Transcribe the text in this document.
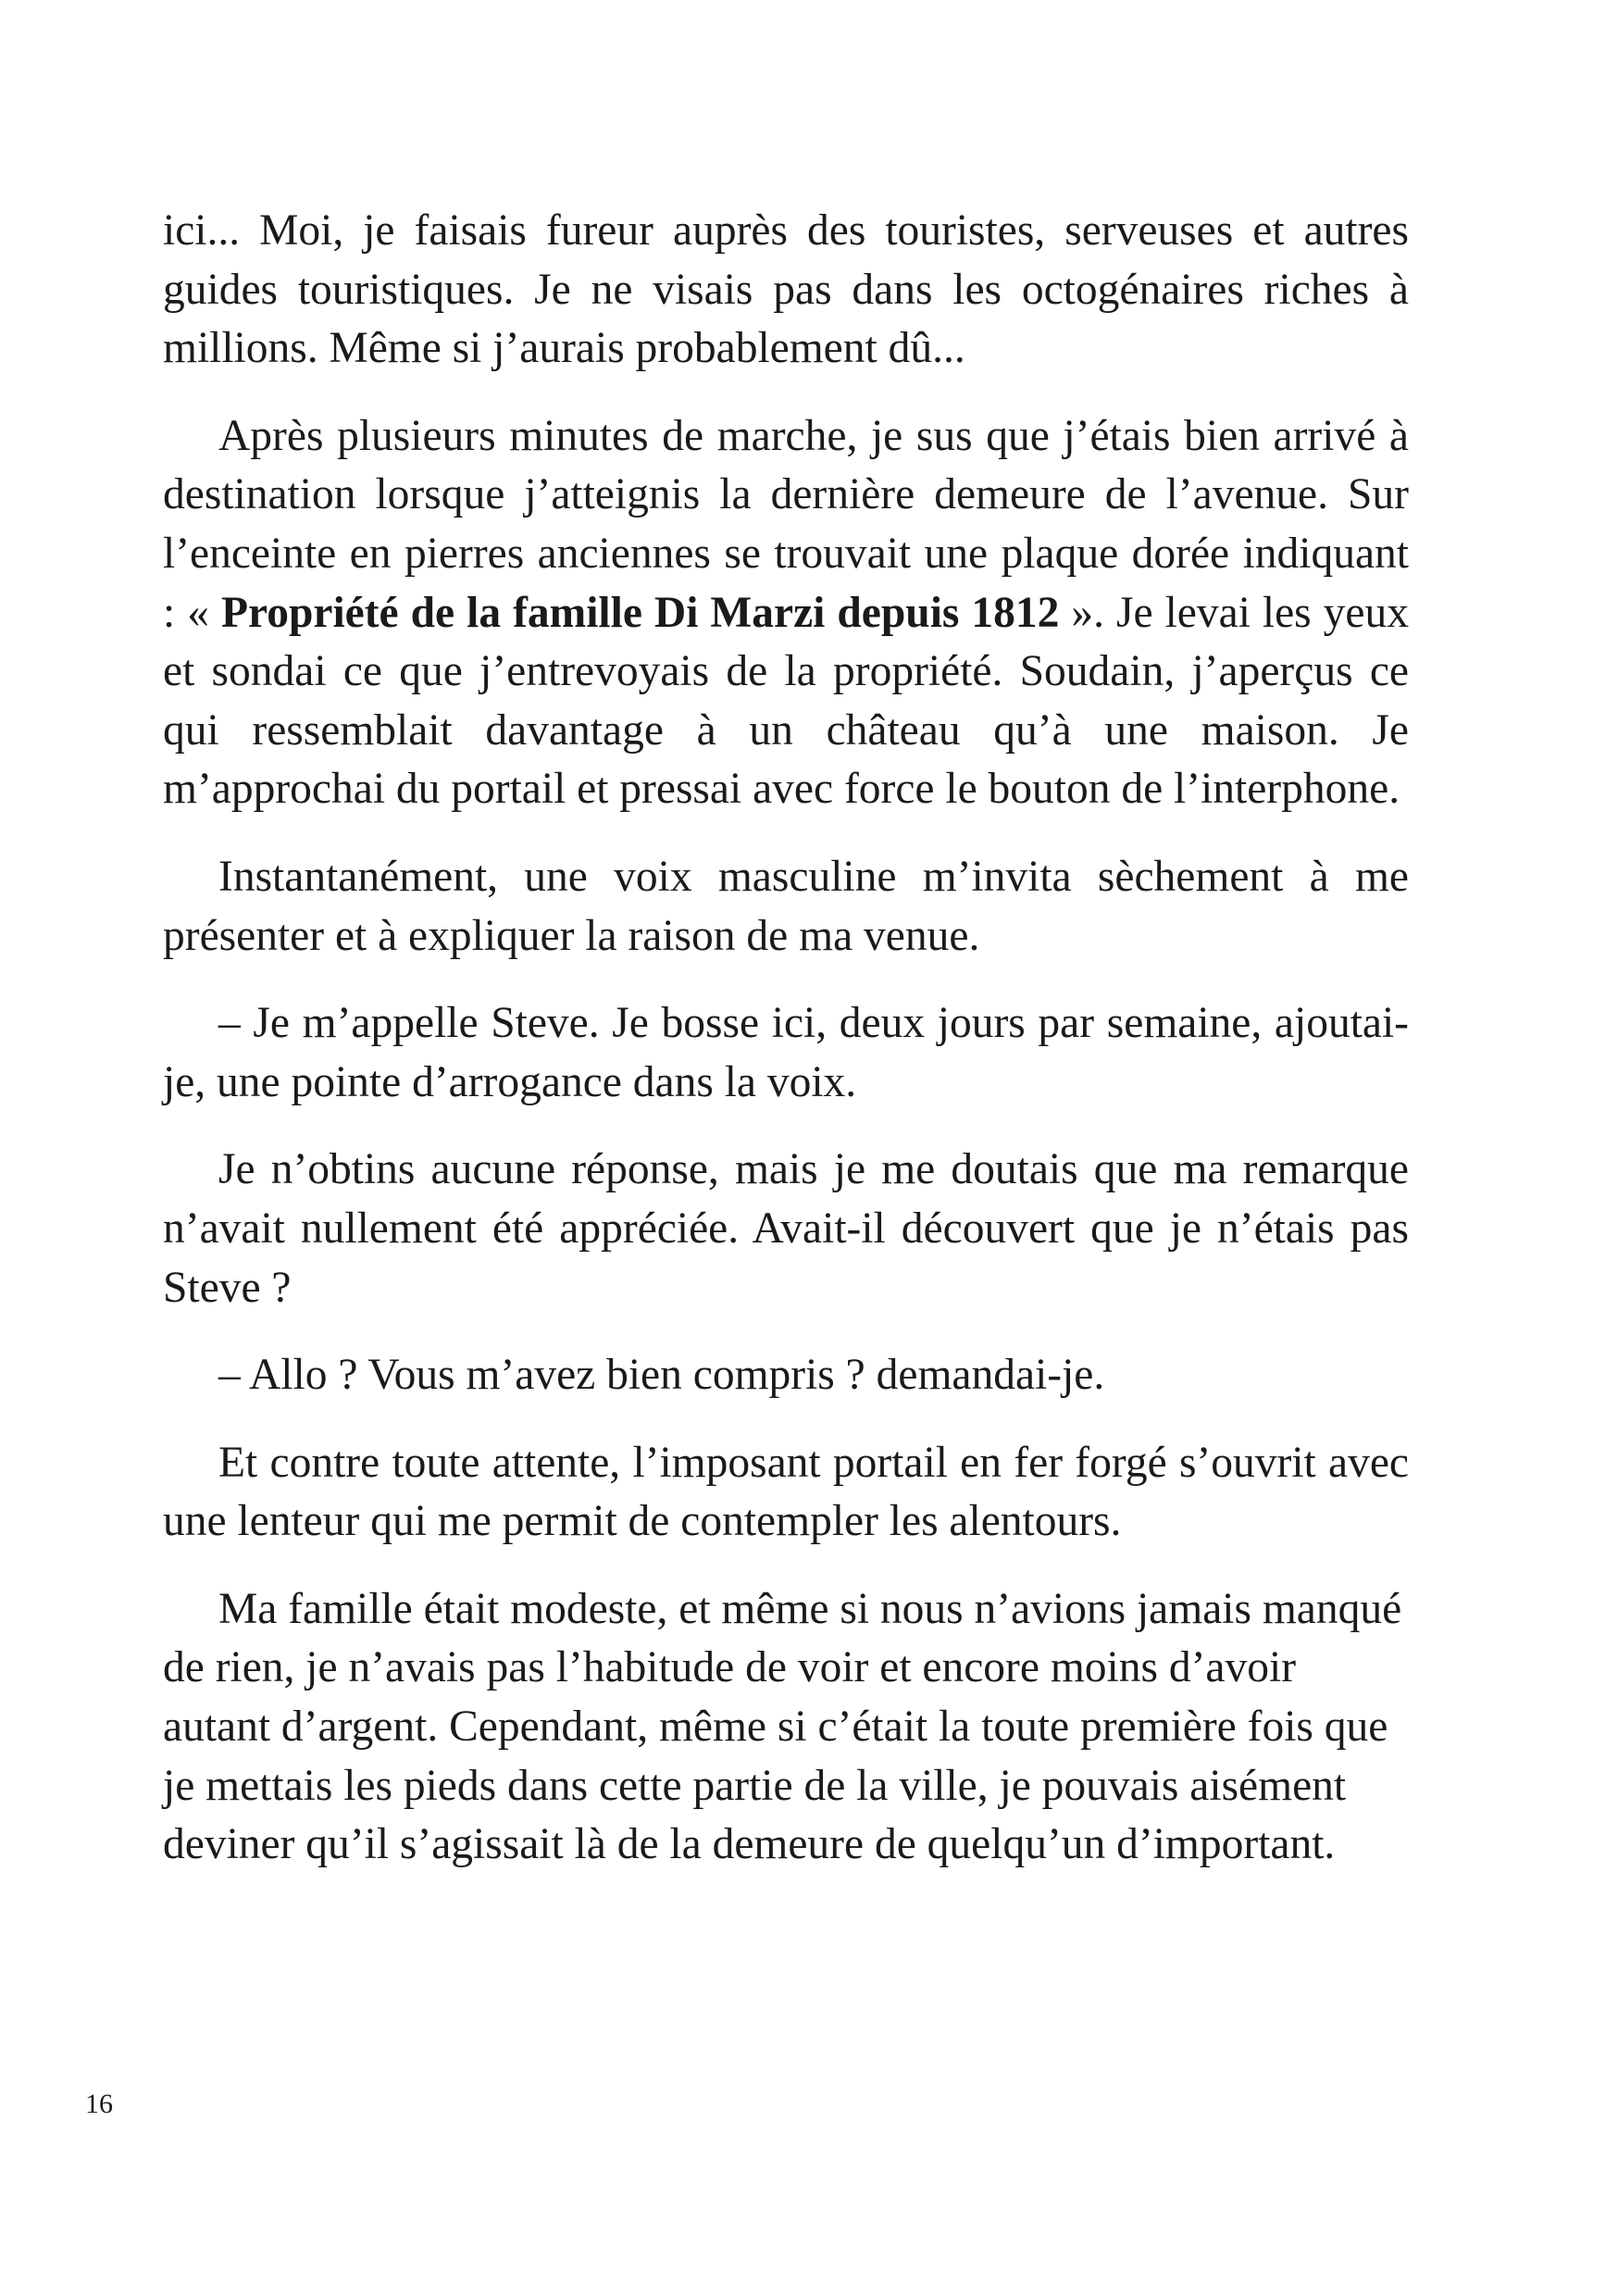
ici... Moi, je faisais fureur auprès des touristes, serveuses et autres guides touristiques. Je ne visais pas dans les octogénaires riches à millions. Même si j’aurais probablement dû...

Après plusieurs minutes de marche, je sus que j’étais bien arrivé à destination lorsque j’atteignis la dernière demeure de l’avenue. Sur l’enceinte en pierres anciennes se trouvait une plaque dorée indiquant : « Propriété de la famille Di Marzi depuis 1812 ». Je levai les yeux et sondai ce que j’entrevoyais de la propriété. Soudain, j’aperçus ce qui ressemblait davantage à un château qu’à une maison. Je m’approchai du portail et pressai avec force le bouton de l’interphone.

Instantanément, une voix masculine m’invita sèchement à me présenter et à expliquer la raison de ma venue.

– Je m’appelle Steve. Je bosse ici, deux jours par semaine, ajoutai-je, une pointe d’arrogance dans la voix.

Je n’obtins aucune réponse, mais je me doutais que ma remarque n’avait nullement été appréciée. Avait-il découvert que je n’étais pas Steve ?

– Allo ? Vous m’avez bien compris ? demandai-je.

Et contre toute attente, l’imposant portail en fer forgé s’ouvrit avec une lenteur qui me permit de contempler les alentours.

Ma famille était modeste, et même si nous n’avions jamais manqué de rien, je n’avais pas l’habitude de voir et encore moins d’avoir autant d’argent. Cependant, même si c’était la toute première fois que je mettais les pieds dans cette partie de la ville, je pouvais aisément deviner qu’il s’agissait là de la demeure de quelqu’un d’important.

16
